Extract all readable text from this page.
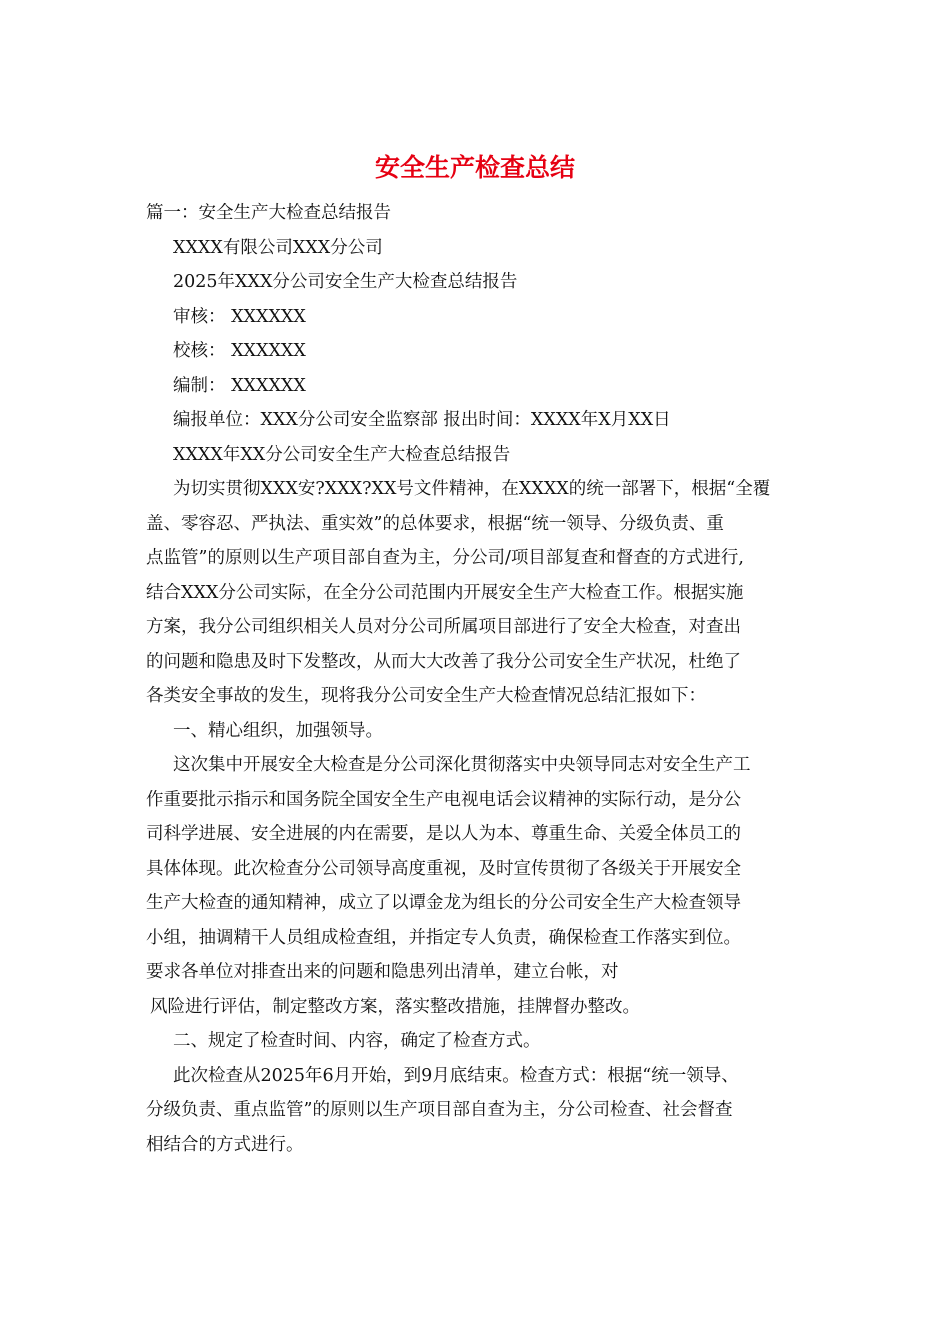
安全生产检查总结

篇一：安全生产大检查总结报告

XXXX有限公司XXX分公司

2025年XXX分公司安全生产大检查总结报告

审核： XXXXXX

校核： XXXXXX

编制： XXXXXX

编报单位：XXX分公司安全监察部 报出时间：XXXX年X月XX日

XXXX年XX分公司安全生产大检查总结报告

为切实贯彻XXX安?XXX?XX号文件精神，在XXXX的统一部署下，根据“全覆

盖、零容忍、严执法、重实效”的总体要求，根据“统一领导、分级负责、重

点监管”的原则以生产项目部自查为主，分公司/项目部复查和督查的方式进行,

结合XXX分公司实际，在全分公司范围内开展安全生产大检查工作。根据实施

方案，我分公司组织相关人员对分公司所属项目部进行了安全大检查，对查出

的问题和隐患及时下发整改，从而大大改善了我分公司安全生产状况，杜绝了

各类安全事故的发生，现将我分公司安全生产大检查情况总结汇报如下：

一、精心组织，加强领导。

这次集中开展安全大检查是分公司深化贯彻落实中央领导同志对安全生产工

作重要批示指示和国务院全国安全生产电视电话会议精神的实际行动，是分公

司科学进展、安全进展的内在需要，是以人为本、尊重生命、关爱全体员工的

具体体现。此次检查分公司领导高度重视，及时宣传贯彻了各级关于开展安全

生产大检查的通知精神，成立了以谭金龙为组长的分公司安全生产大检查领导

小组，抽调精干人员组成检查组，并指定专人负责，确保检查工作落实到位。

要求各单位对排查出来的问题和隐患列出清单，建立台帐，对

风险进行评估，制定整改方案，落实整改措施，挂牌督办整改。

二、规定了检查时间、内容，确定了检查方式。

此次检查从2025年6月开始，到9月底结束。检查方式：根据“统一领导、

分级负责、重点监管”的原则以生产项目部自查为主，分公司检查、社会督查

相结合的方式进行。
